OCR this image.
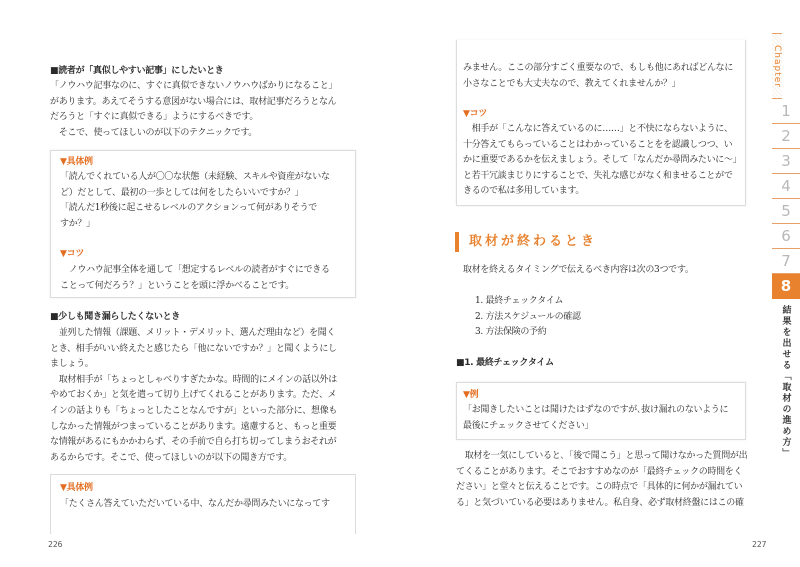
取材が終わるとき
226	227
Chapter
1
2
3
4
5
6
7
8
結果を出せる「取材の進め方」
■読者が「真似しやすい記事」にしたいとき
「ノウハウ記事なのに、すぐに真似できないノウハウばかりになること」
があります。あえてそうする意図がない場合には、取材記事だろうとなん
だろうと「すぐに真似できる」ようにするべきです。
　そこで、使ってほしいのが以下のテクニックです。
▼具体例
「読んでくれている人が〇〇な状態（未経験、スキルや資産がないな
ど）だとして、最初の一歩としては何をしたらいいですか？」
「読んだ1秒後に起こせるレベルのアクションって何がありそうで
すか？」
▼コツ
　ノウハウ記事全体を通して「想定するレベルの読者がすぐにできる
ことって何だろう？」ということを頭に浮かべることです。
■少しも聞き漏らしたくないとき
　並列した情報（課題、メリット・デメリット、選んだ理由など）を聞く
とき、相手がいい終えたと感じたら「他にないですか？」と聞くようにし
ましょう。
　取材相手が「ちょっとしゃべりすぎたかな。時間的にメインの話以外は
やめておくか」と気を遣って切り上げてくれることがあります。ただ、メ
インの話よりも「ちょっとしたことなんですが」といった部分に、想像も
しなかった情報がつまっていることがあります。遠慮すると、もっと重要
な情報があるにもかかわらず、その手前で自ら打ち切ってしまうおそれが
あるからです。そこで、使ってほしいのが以下の聞き方です。
▼具体例
「たくさん答えていただいている中、なんだか尋問みたいになってす
みません。ここの部分すごく重要なので、もしも他にあればどんなに
小さなことでも大丈夫なので、教えてくれませんか？」
▼コツ
　相手が「こんなに答えているのに……」と不快にならないように、
十分答えてもらっていることはわかっていることをを認識しつつ、い
かに重要であるかを伝えましょう。そして「なんだか尋問みたいに～」
と若干冗談まじりにすることで、失礼な感じがなく和ませることがで
きるので私は多用しています。
取材を終えるタイミングで伝えるべき内容は次の3つです。
1. 最終チェックタイム
2. 方法スケジュールの確認
3. 方法保険の予約
■1. 最終チェックタイム
▼例
「お聞きしたいことは聞けたはずなのですが､抜け漏れのないように
最後にチェックさせてください」
　取材を一気にしていると､「後で聞こう」と思って聞けなかった質問が出
てくることがあります。そこでおすすめなのが「最終チェックの時間をく
ださい」と堂々と伝えることです。この時点で「具体的に何かが漏れてい
る」と気づいている必要はありません。私自身、必ず取材終盤にはこの確
